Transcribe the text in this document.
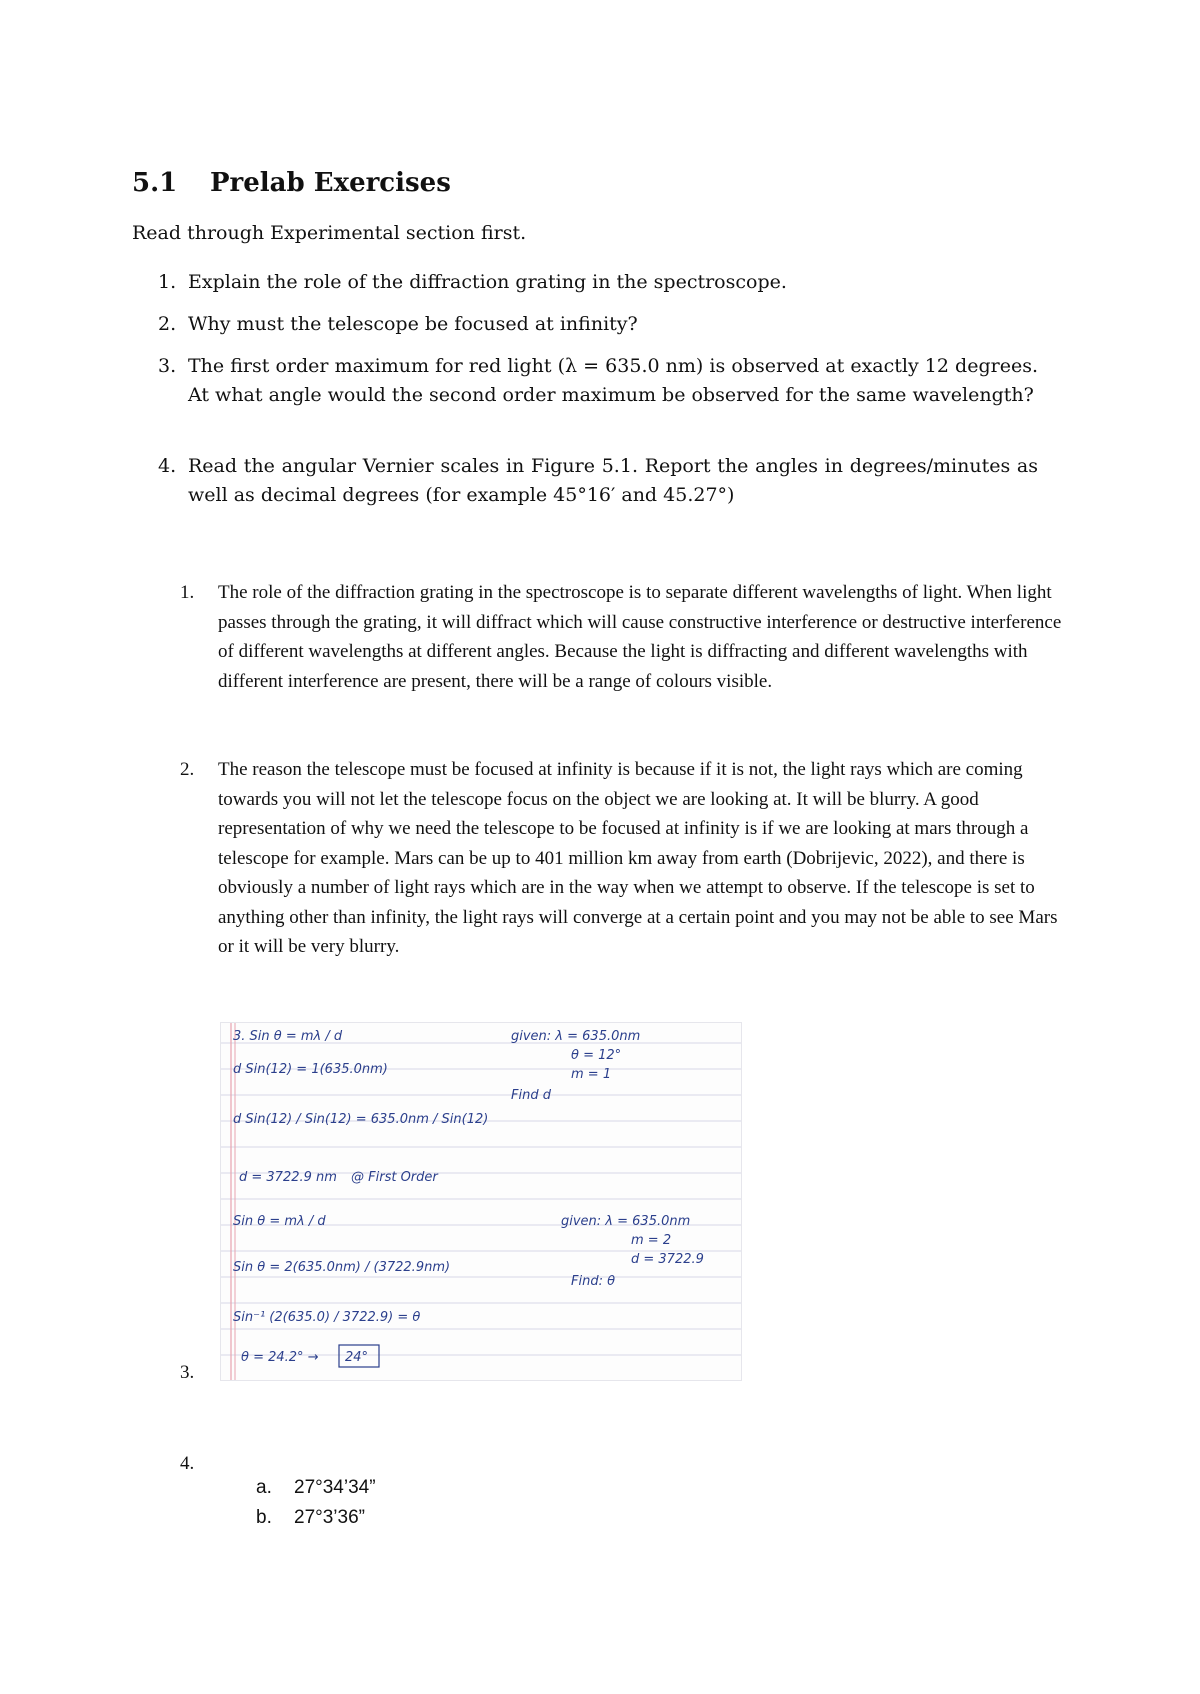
5.1 Prelab Exercises

Read through Experimental section first.

1. Explain the role of the diffraction grating in the spectroscope.
2. Why must the telescope be focused at infinity?
3. The first order maximum for red light (λ = 635.0 nm) is observed at exactly 12 degrees. At what angle would the second order maximum be observed for the same wavelength?
4. Read the angular Vernier scales in Figure 5.1. Report the angles in degrees/minutes as well as decimal degrees (for example 45°16′ and 45.27°)
1. The role of the diffraction grating in the spectroscope is to separate different wavelengths of light. When light passes through the grating, it will diffract which will cause constructive interference or destructive interference of different wavelengths at different angles. Because the light is diffracting and different wavelengths with different interference are present, there will be a range of colours visible.
2. The reason the telescope must be focused at infinity is because if it is not, the light rays which are coming towards you will not let the telescope focus on the object we are looking at. It will be blurry. A good representation of why we need the telescope to be focused at infinity is if we are looking at mars through a telescope for example. Mars can be up to 401 million km away from earth (Dobrijevic, 2022), and there is obviously a number of light rays which are in the way when we attempt to observe. If the telescope is set to anything other than infinity, the light rays will converge at a certain point and you may not be able to see Mars or it will be very blurry.
3.
3. Sin θ = mλ / d
d Sin(12) = 1(635.0nm)
d Sin(12) / Sin(12) = 635.0nm / Sin(12)
d = 3722.9 nm @ First Order
Sin θ = mλ / d
Sin θ = 2(635.0nm) / (3722.9nm)
Sin⁻¹ (2(635.0) / 3722.9) = θ
θ = 24.2° → 24°
given: λ = 635.0nm
θ = 12°
m = 1
Find d
given: λ = 635.0nm
m = 2
d = 3722.9
Find: θ
4.
a. 27°34’34”
b. 27°3’36”
